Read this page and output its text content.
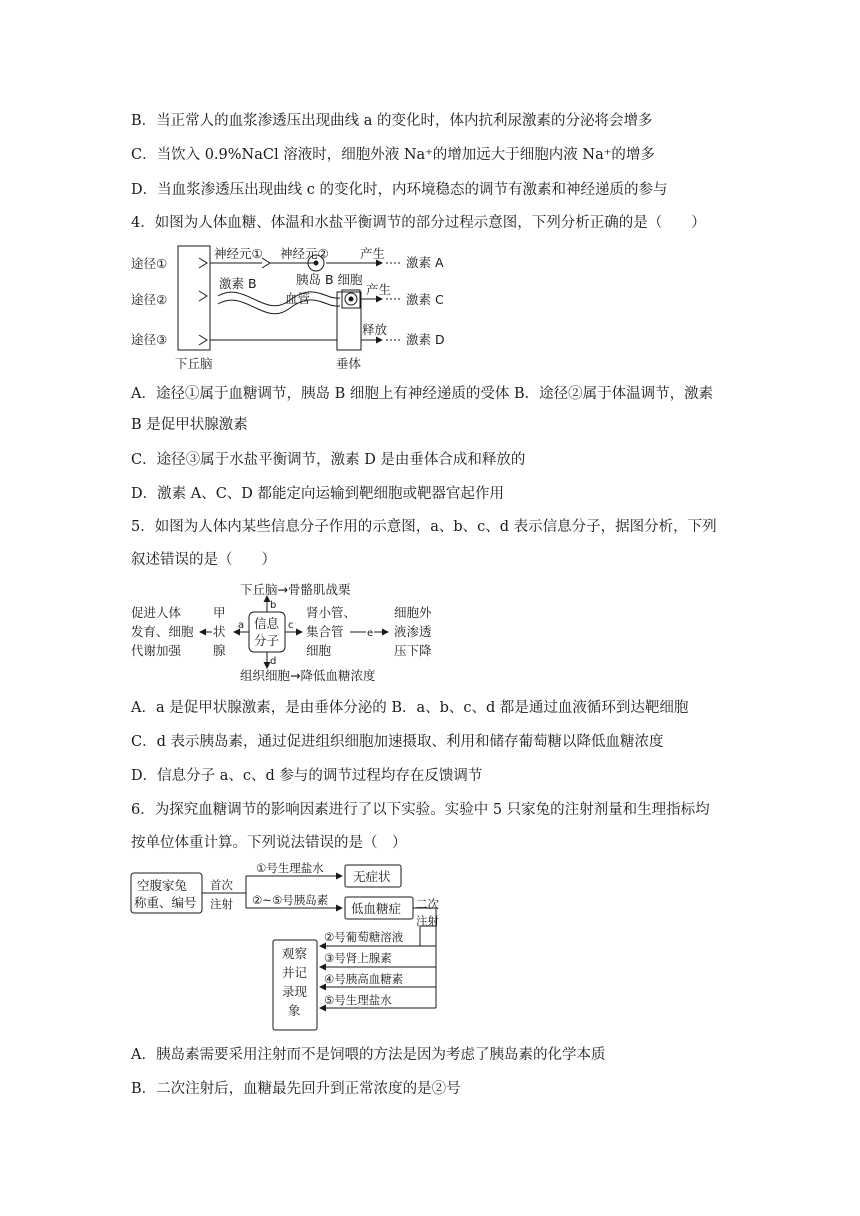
B．当正常人的血浆渗透压出现曲线 a 的变化时，体内抗利尿激素的分泌将会增多
C．当饮入 0.9%NaCl 溶液时，细胞外液 Na⁺的增加远大于细胞内液 Na⁺的增多
D．当血浆渗透压出现曲线 c 的变化时，内环境稳态的调节有激素和神经递质的参与
4．如图为人体血糖、体温和水盐平衡调节的部分过程示意图，下列分析正确的是（　　）
A．途径①属于血糖调节，胰岛 B 细胞上有神经递质的受体 B．途径②属于体温调节，激素
B 是促甲状腺激素
C．途径③属于水盐平衡调节，激素 D 是由垂体合成和释放的
D．激素 A、C、D 都能定向运输到靶细胞或靶器官起作用
5．如图为人体内某些信息分子作用的示意图，a、b、c、d 表示信息分子，据图分析，下列
叙述错误的是（　　）
A．a 是促甲状腺激素，是由垂体分泌的 B．a、b、c、d 都是通过血液循环到达靶细胞
C．d 表示胰岛素，通过促进组织细胞加速摄取、利用和储存葡萄糖以降低血糖浓度
D．信息分子 a、c、d 参与的调节过程均存在反馈调节
6．为探究血糖调节的影响因素进行了以下实验。实验中 5 只家兔的注射剂量和生理指标均
按单位体重计算。下列说法错误的是（　）
A．胰岛素需要采用注射而不是饲喂的方法是因为考虑了胰岛素的化学本质
B．二次注射后，血糖最先回升到正常浓度的是②号
途径①
途径②
途径③
下丘脑
神经元① 神经元②	产生
激素 A
激素 B	胰岛 B 细胞
血管
产生
激素 C
释放
激素 D
垂体
下丘脑→骨骼肌战栗
b
促进人体
发育、细胞
代谢加强
甲
状
腺
a 信息
分子
c
肾小管、
集合管
细胞
e
细胞外
液渗透
压下降
d
组织细胞→降低血糖浓度
空腹家兔
称重、编号
首次
注射
①号生理盐水
②~⑤号胰岛素
无症状
低血糖症 二次
注射
②号葡萄糖溶液
③号肾上腺素
④号胰高血糖素
⑤号生理盐水
观察
并记
录现
象
